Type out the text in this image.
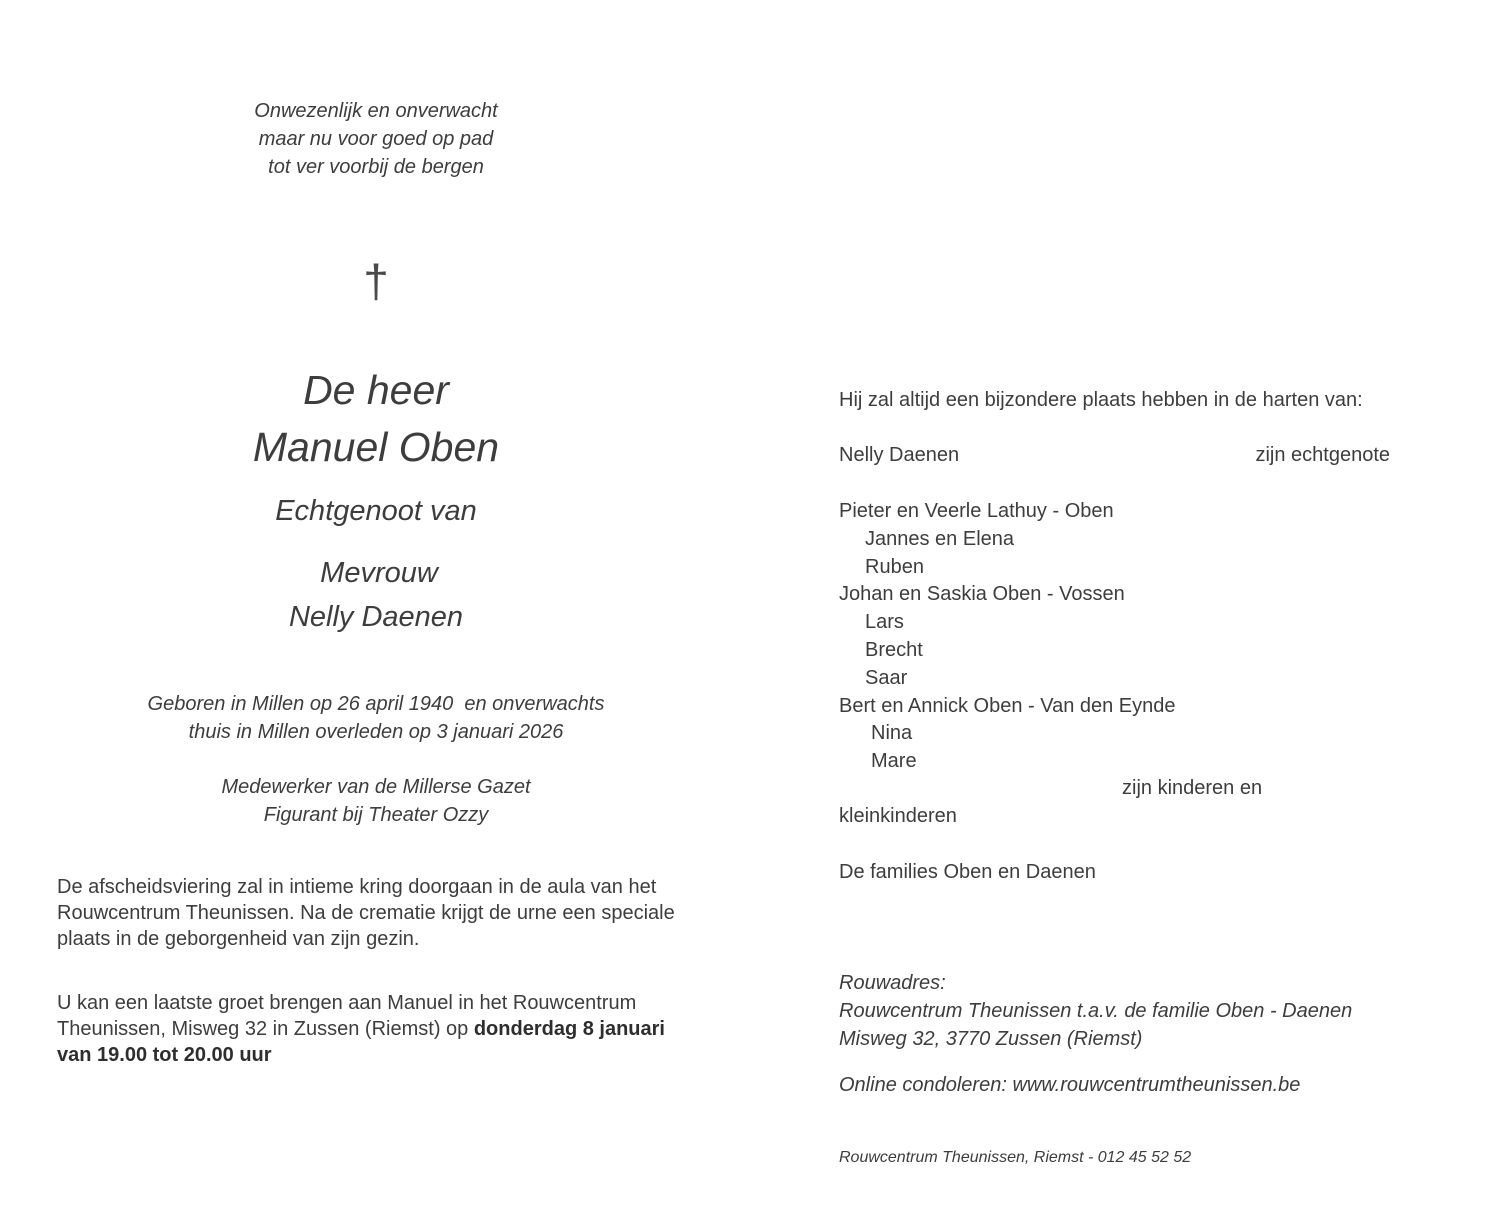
Onwezenlijk en onverwacht
maar nu voor goed op pad
tot ver voorbij de bergen
†
De heer
Manuel Oben
Echtgenoot van
Mevrouw
Nelly Daenen
Geboren in Millen op 26 april 1940  en onverwachts
thuis in Millen overleden op 3 januari 2026
Medewerker van de Millerse Gazet
Figurant bij Theater Ozzy
De afscheidsviering zal in intieme kring doorgaan in de aula van het
Rouwcentrum Theunissen. Na de crematie krijgt de urne een speciale
plaats in de geborgenheid van zijn gezin.
U kan een laatste groet brengen aan Manuel in het Rouwcentrum
Theunissen, Misweg 32 in Zussen (Riemst) op donderdag 8 januari
van 19.00 tot 20.00 uur
Hij zal altijd een bijzondere plaats hebben in de harten van:
Nelly Daenen	zijn echtgenote
Pieter en Veerle Lathuy - Oben
Jannes en Elena
Ruben
Johan en Saskia Oben - Vossen
Lars
Brecht
Saar
Bert en Annick Oben - Van den Eynde
Nina
Mare
zijn kinderen en
kleinkinderen
De families Oben en Daenen
Rouwadres:
Rouwcentrum Theunissen t.a.v. de familie Oben - Daenen
Misweg 32, 3770 Zussen (Riemst)
Online condoleren: www.rouwcentrumtheunissen.be
Rouwcentrum Theunissen, Riemst - 012 45 52 52
